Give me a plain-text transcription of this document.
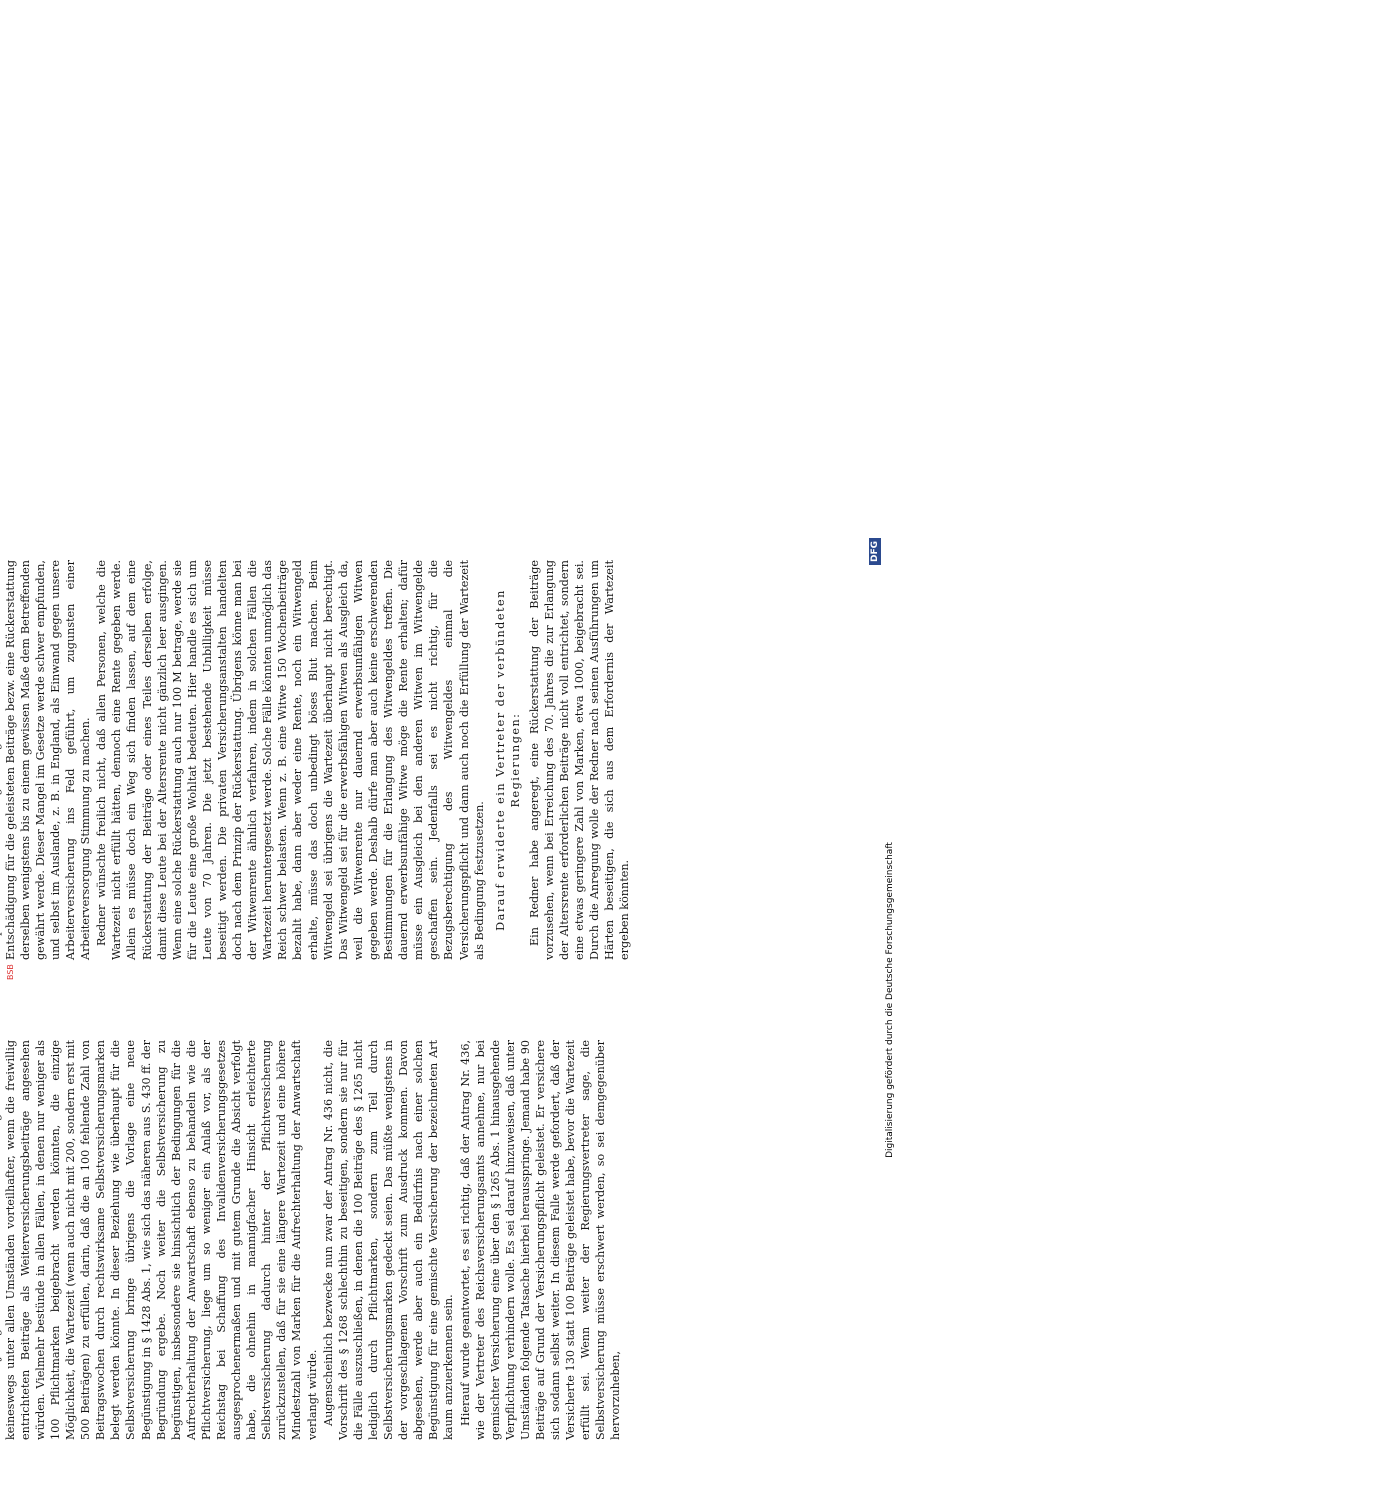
keineswegs unter allen Umständen vorteilhafter, wenn die freiwillig entrichteten Beiträge als Weiterversicherungsbeiträge angesehen würden. Vielmehr bestünde in allen Fällen, in denen nur weniger als 100 Pflichtmarken beigebracht werden könnten, die einzige Möglichkeit, die Wartezeit (wenn auch nicht mit 200, sondern erst mit 500 Beiträgen) zu erfüllen, darin, daß die an 100 fehlende Zahl von Beitragswochen durch rechtswirksame Selbstversicherungsmarken belegt werden könnte. In dieser Beziehung wie überhaupt für die Selbstversicherung bringe übrigens die Vorlage eine neue Begünstigung in § 1428 Abs. 1, wie sich das näheren aus S. 430 ff. der Begründung ergebe. Noch weiter die Selbstversicherung zu begünstigen, insbesondere sie hinsichtlich der Bedingungen für die Aufrechterhaltung der Anwartschaft ebenso zu behandeln wie die Pflichtversicherung, liege um so weniger ein Anlaß vor, als der Reichstag bei Schaffung des Invalidenversicherungsgesetzes ausgesprochenermaßen und mit gutem Grunde die Absicht verfolgt habe, die ohnehin in mannigfacher Hinsicht erleichterte Selbstversicherung dadurch hinter der Pflichtversicherung zurückzustellen, daß für sie eine längere Wartezeit und eine höhere Mindestzahl von Marken für die Aufrechterhaltung der Anwartschaft verlangt würde. Augenscheinlich bezwecke nun zwar der Antrag Nr. 436 nicht, die Vorschrift des § 1268 schlechthin zu beseitigen, sondern sie nur für die Fälle auszuschließen, in denen die 100 Beiträge des § 1265 nicht lediglich durch Pflichtmarken, sondern zum Teil durch Selbstversicherungsmarken gedeckt seien. Das müßte wenigstens in der vorgeschlagenen Vorschrift zum Ausdruck kommen. Davon abgesehen, werde aber auch ein Bedürfnis nach einer solchen Begünstigung für eine gemischte Versicherung der bezeichneten Art kaum anzuerkennen sein. Hierauf wurde geantwortet, es sei richtig, daß der Antrag Nr. 436, wie der Vertreter des Reichsversicherungsamts annehme, nur bei gemischter Versicherung eine über den § 1265 Abs. 1 hinausgehende Verpflichtung verhindern wolle. Es sei darauf hinzuweisen, daß unter Umständen folgende Tatsache hierbei herausspringe. Jemand habe 90 Beiträge auf Grund der Versicherungspflicht geleistet. Er versichere sich sodann selbst weiter. In diesem Falle werde gefordert, daß der Versicherte 130 statt 100 Beiträge geleistet habe, bevor die Wartezeit erfüllt sei. Wenn weiter der Regierungsvertreter sage, die Selbstversicherung müsse erschwert werden, so sei demgegenüber hervorzuheben,

Entschädigung für die geleisteten Beiträge bezw. eine Rückerstattung derselben wenigstens bis zu einem gewissen Maße dem Betreffenden gewährt werde. Dieser Mangel im Gesetze werde schwer empfunden, und selbst im Auslande, z. B. in England, als Einwand gegen unsere Arbeiterversicherung ins Feld geführt, um zugunsten einer Arbeiterversorgung Stimmung zu machen. Redner wünschte freilich nicht, daß allen Personen, welche die Wartezeit nicht erfüllt hätten, dennoch eine Rente gegeben werde. Allein es müsse doch ein Weg sich finden lassen, auf dem eine Rückerstattung der Beiträge oder eines Teiles derselben erfolge, damit diese Leute bei der Altersrente nicht gänzlich leer ausgingen. Wenn eine solche Rückerstattung auch nur 100 M betrage, werde sie für die Leute eine große Wohltat bedeuten. Hier handle es sich um Leute von 70 Jahren. Die jetzt bestehende Unbilligkeit müsse beseitigt werden. Die privaten Versicherungsanstalten handelten doch nach dem Prinzip der Rückerstattung. Übrigens könne man bei der Witwenrente ähnlich verfahren, indem in solchen Fällen die Wartezeit heruntergesetzt werde. Solche Fälle könnten unmöglich das Reich schwer belasten. Wenn z. B. eine Witwe 150 Wochenbeiträge bezahlt habe, dann aber weder eine Rente, noch ein Witwengeld erhalte, müsse das doch unbedingt böses Blut machen. Beim Witwengeld sei übrigens die Wartezeit überhaupt nicht berechtigt. Das Witwengeld sei für die erwerbsfähigen Witwen als Ausgleich da, weil die Witwenrente nur dauernd erwerbsunfähigen Witwen gegeben werde. Deshalb dürfe man aber auch keine erschwerenden Bestimmungen für die Erlangung des Witwengeldes treffen. Die dauernd erwerbsunfähige Witwe möge die Rente erhalten; dafür müsse ein Ausgleich bei den anderen Witwen im Witwengelde geschaffen sein. Jedenfalls sei es nicht richtig, für die Bezugsberechtigung des Witwengeldes einmal die Versicherungspflicht und dann auch noch die Erfüllung der Wartezeit als Bedingung festzusetzen. Darauf erwiderte ein Vertreter der verbündeten Regierungen: Ein Redner habe angeregt, eine Rückerstattung der Beiträge vorzusehen, wenn bei Erreichung des 70. Jahres die zur Erlangung der Altersrente erforderlichen Beiträge nicht voll entrichtet, sondern eine etwas geringere Zahl von Marken, etwa 1000, beigebracht sei. Durch die Anregung wolle der Redner nach seinen Ausführungen um Härten beseitigen, die sich aus dem Erfordernis der Wartezeit ergeben könnten.

DFG
Digitalisierung gefördert durch die Deutsche Forschungsgemeinschaft
BSB
